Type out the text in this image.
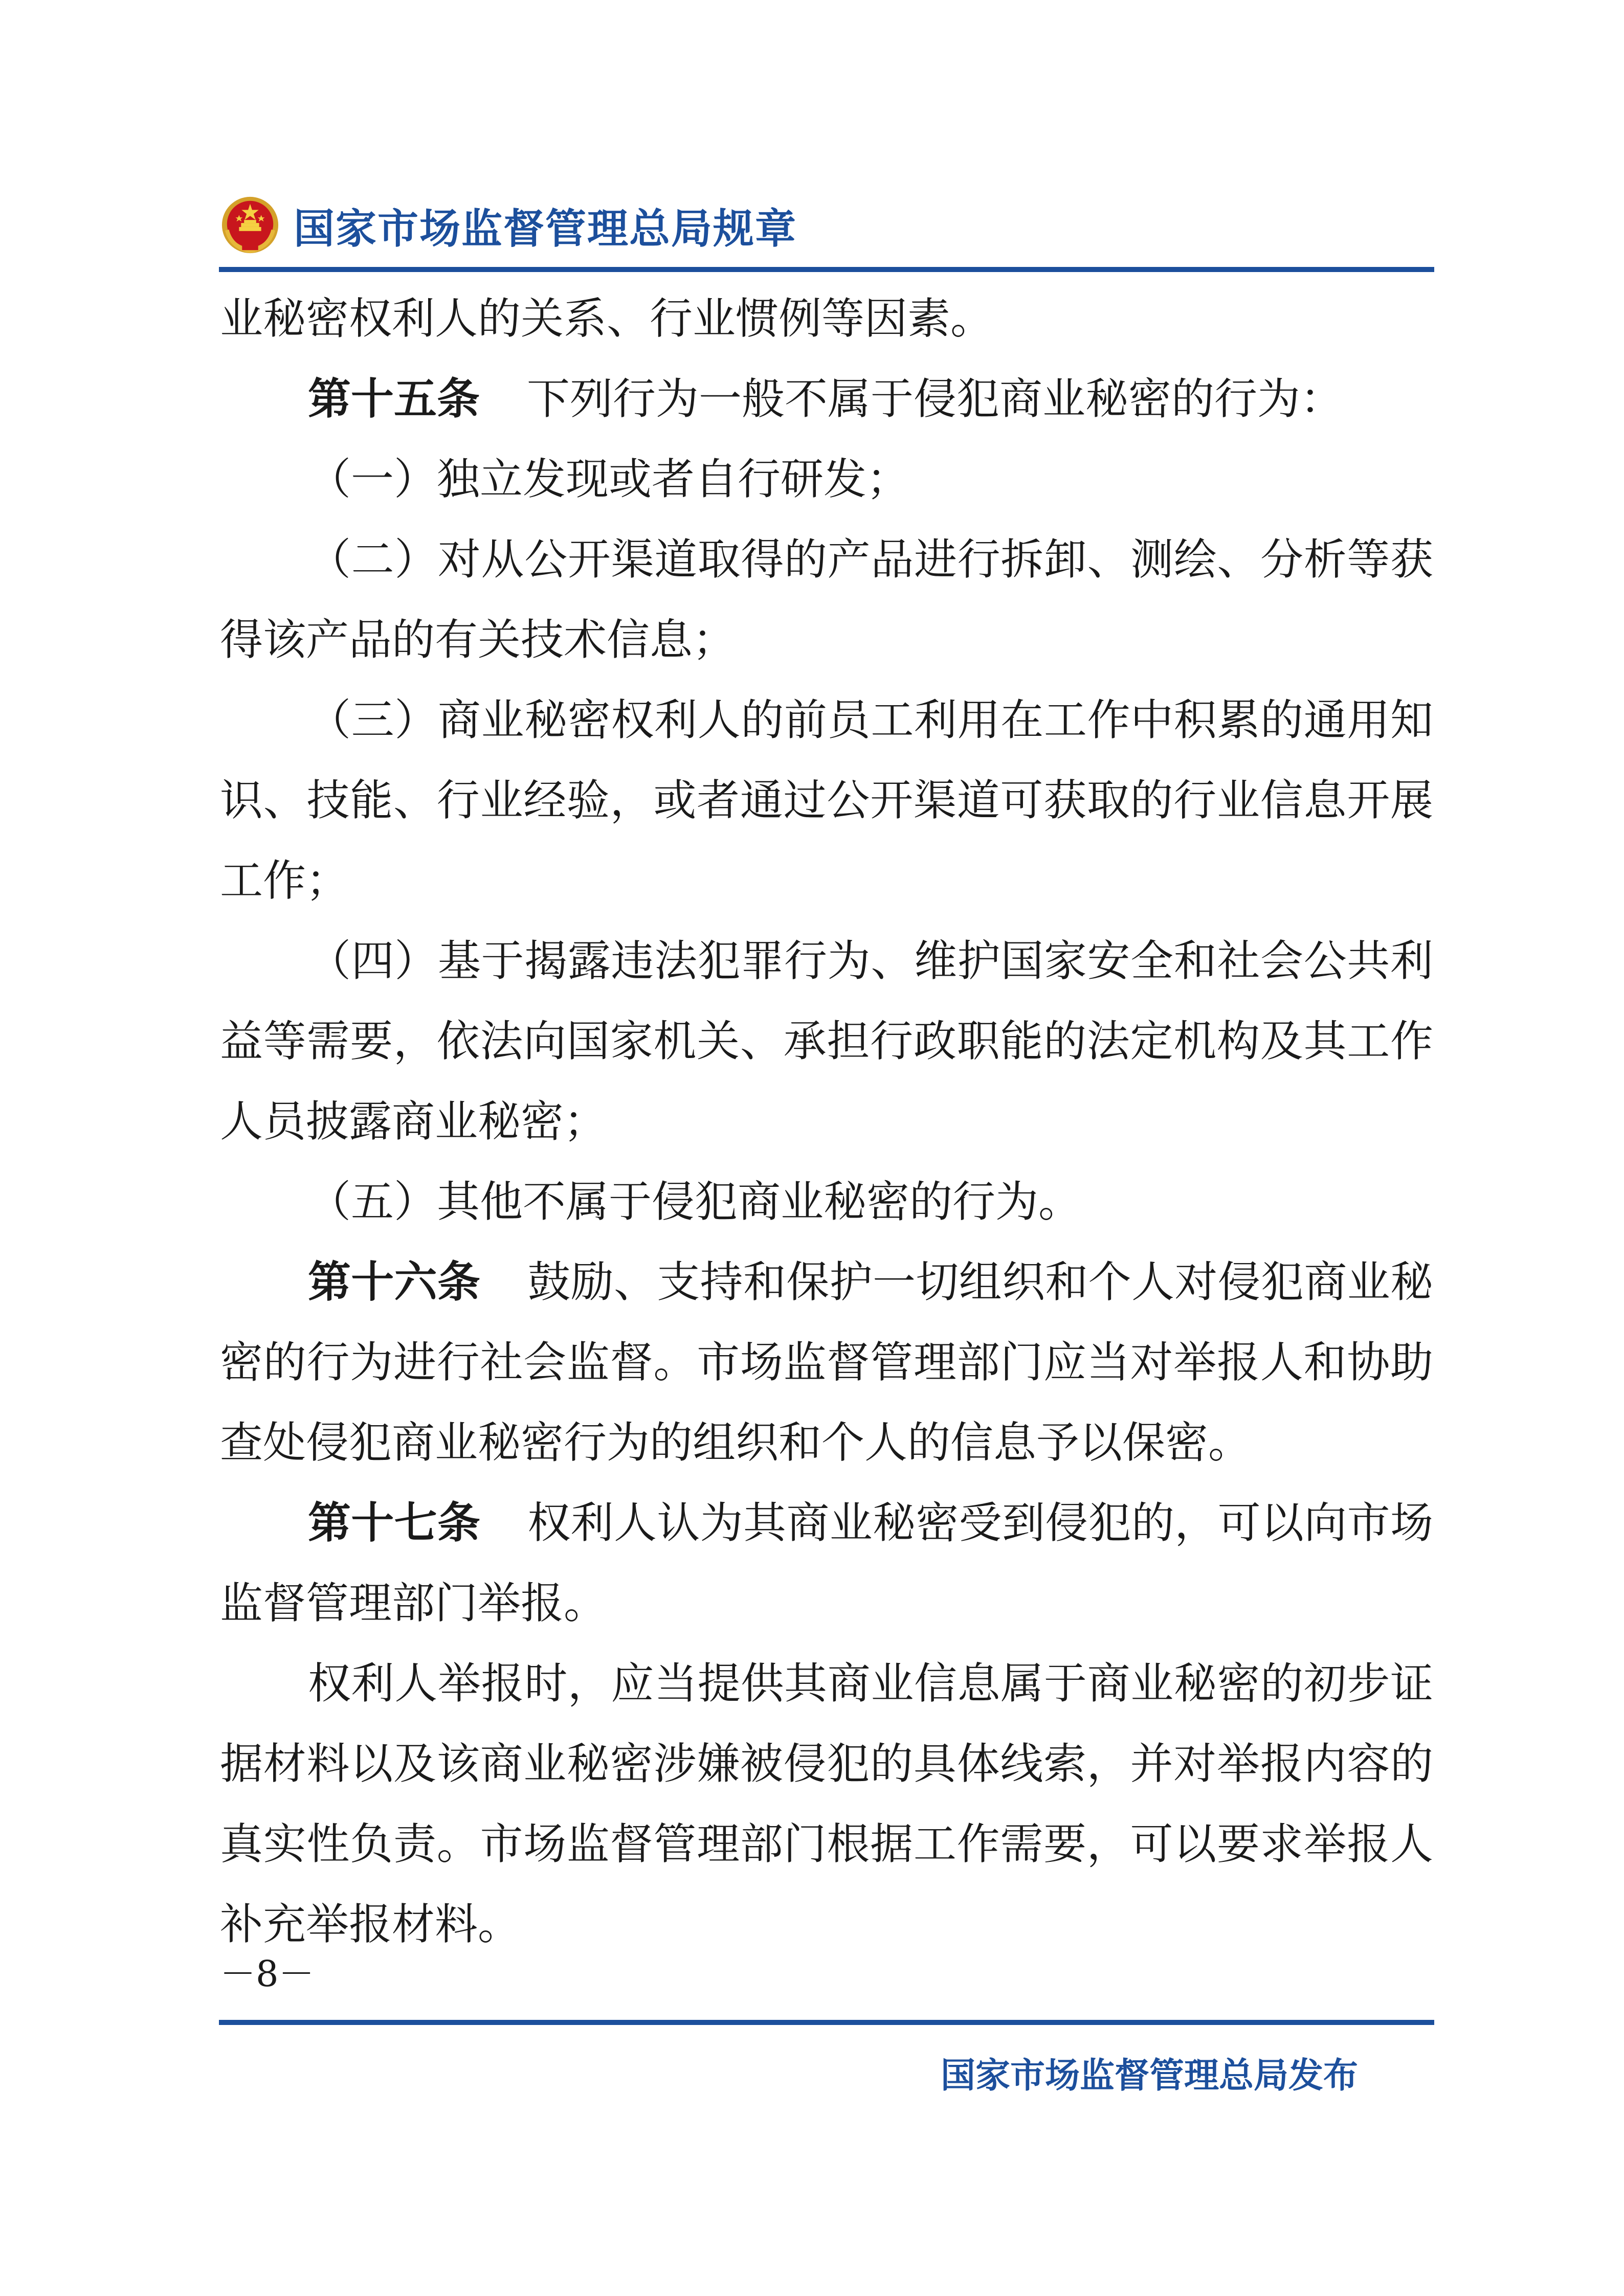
国家市场监督管理总局规章

业秘密权利人的关系、行业惯例等因素。

第十五条 下列行为一般不属于侵犯商业秘密的行为：

（一）独立发现或者自行研发；

（二）对从公开渠道取得的产品进行拆卸、测绘、分析等获得该产品的有关技术信息；

（三）商业秘密权利人的前员工利用在工作中积累的通用知识、技能、行业经验，或者通过公开渠道可获取的行业信息开展工作；

（四）基于揭露违法犯罪行为、维护国家安全和社会公共利益等需要，依法向国家机关、承担行政职能的法定机构及其工作人员披露商业秘密；

（五）其他不属于侵犯商业秘密的行为。

第十六条 鼓励、支持和保护一切组织和个人对侵犯商业秘密的行为进行社会监督。市场监督管理部门应当对举报人和协助查处侵犯商业秘密行为的组织和个人的信息予以保密。

第十七条 权利人认为其商业秘密受到侵犯的，可以向市场监督管理部门举报。

权利人举报时，应当提供其商业信息属于商业秘密的初步证据材料以及该商业秘密涉嫌被侵犯的具体线索，并对举报内容的真实性负责。市场监督管理部门根据工作需要，可以要求举报人补充举报材料。

－8－
国家市场监督管理总局发布
